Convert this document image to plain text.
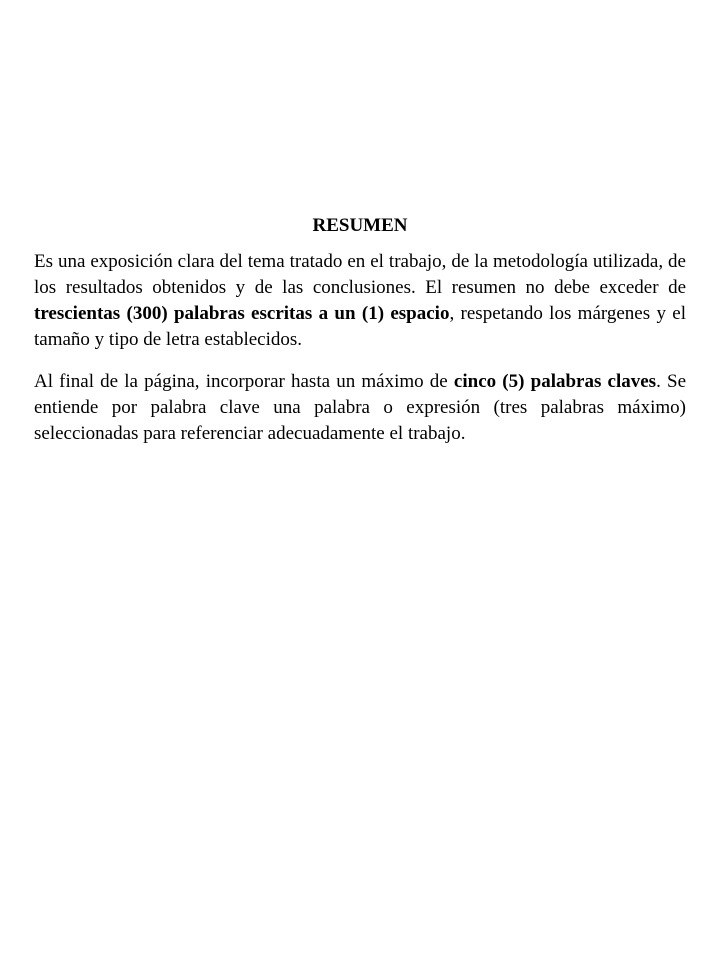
RESUMEN

Es una exposición clara del tema tratado en el trabajo, de la metodología utilizada, de los resultados obtenidos y de las conclusiones. El resumen no debe exceder de trescientas (300) palabras escritas a un (1) espacio, respetando los márgenes y el tamaño y tipo de letra establecidos.

Al final de la página, incorporar hasta un máximo de cinco (5) palabras claves. Se entiende por palabra clave una palabra o expresión (tres palabras máximo) seleccionadas para referenciar adecuadamente el trabajo.
